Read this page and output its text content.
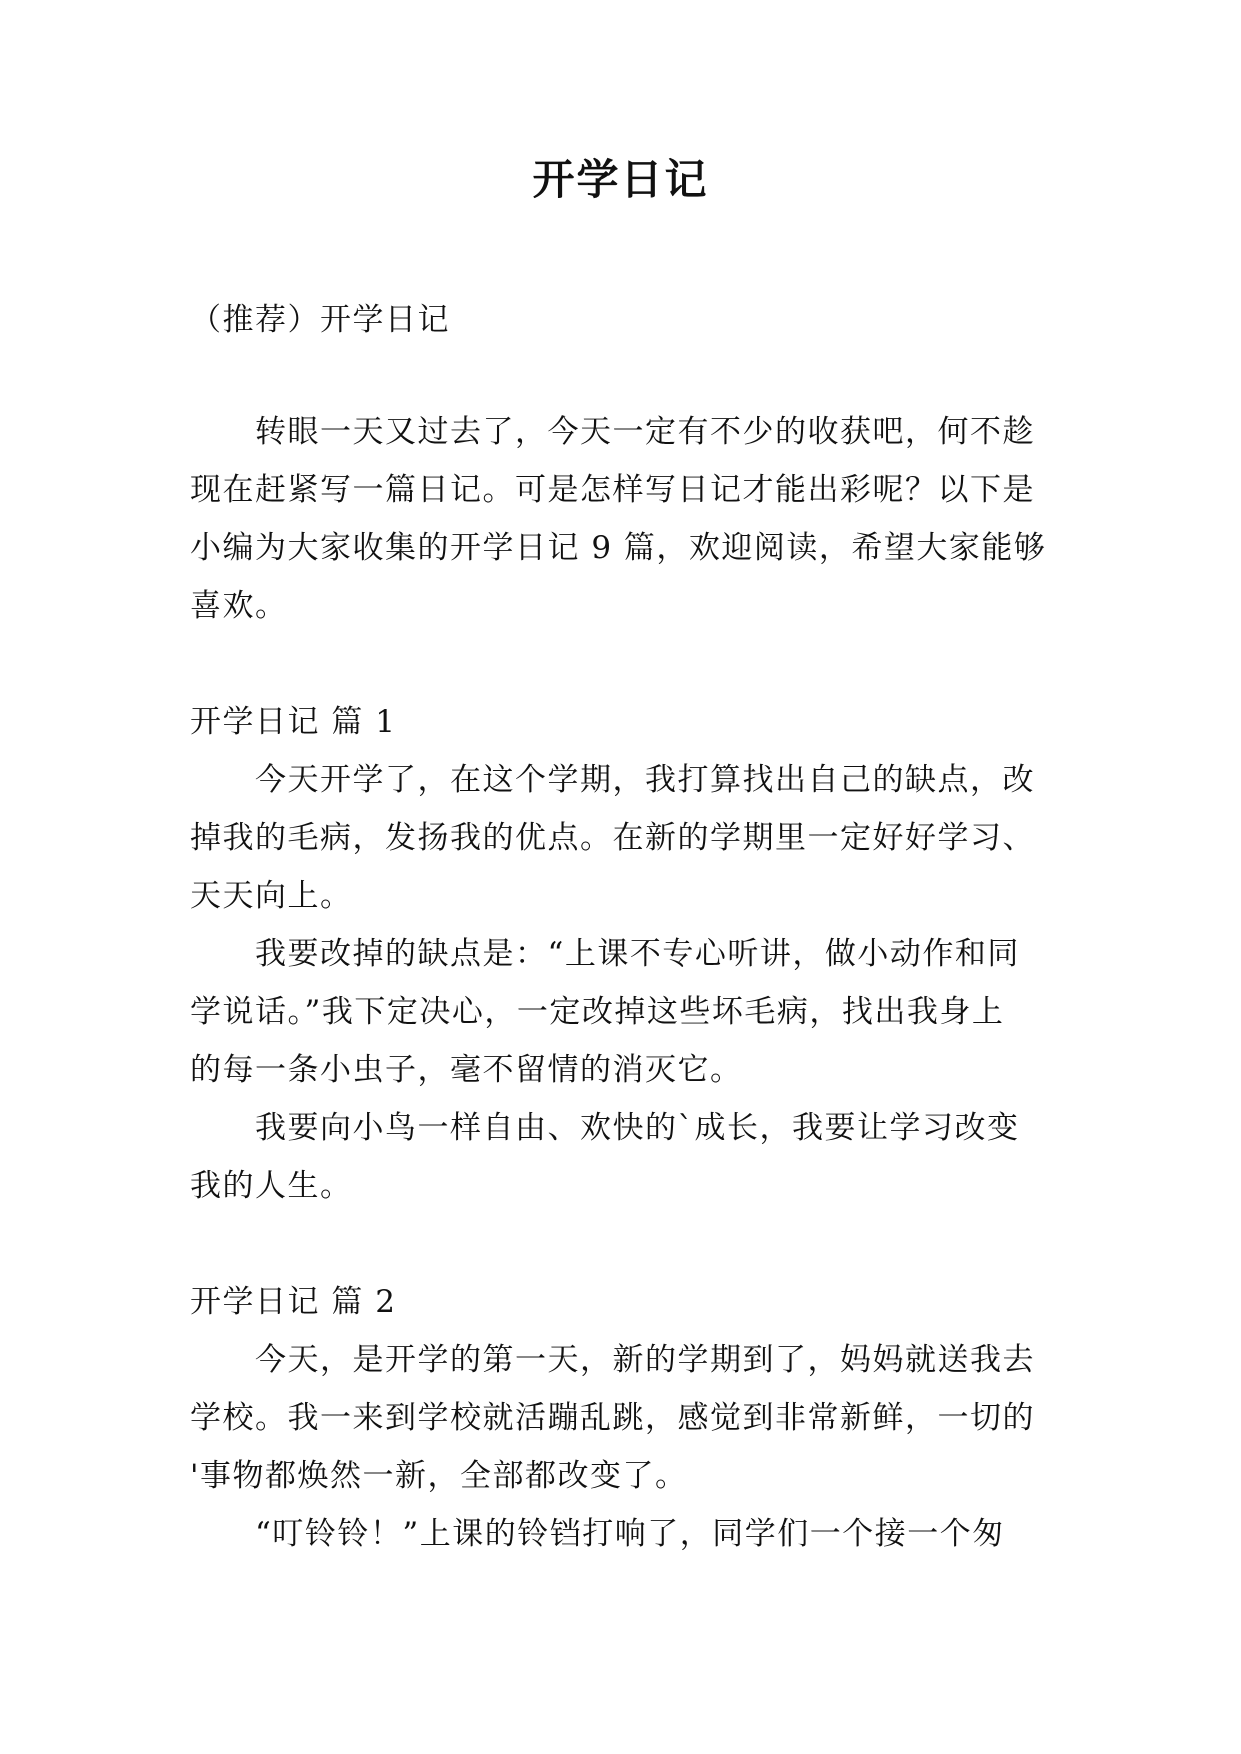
开学日记
（推荐）开学日记
转眼一天又过去了，今天一定有不少的收获吧，何不趁
现在赶紧写一篇日记。可是怎样写日记才能出彩呢？以下是
小编为大家收集的开学日记 9 篇，欢迎阅读，希望大家能够
喜欢。
开学日记 篇 1
今天开学了，在这个学期，我打算找出自己的缺点，改
掉我的毛病，发扬我的优点。在新的学期里一定好好学习、
天天向上。
我要改掉的缺点是：“上课不专心听讲，做小动作和同
学说话。”我下定决心，一定改掉这些坏毛病，找出我身上
的每一条小虫子，毫不留情的消灭它。
我要向小鸟一样自由、欢快的`成长，我要让学习改变
我的人生。
开学日记 篇 2
今天，是开学的第一天，新的学期到了，妈妈就送我去
学校。我一来到学校就活蹦乱跳，感觉到非常新鲜，一切的
'事物都焕然一新，全部都改变了。
“叮铃铃！”上课的铃铛打响了，同学们一个接一个匆
